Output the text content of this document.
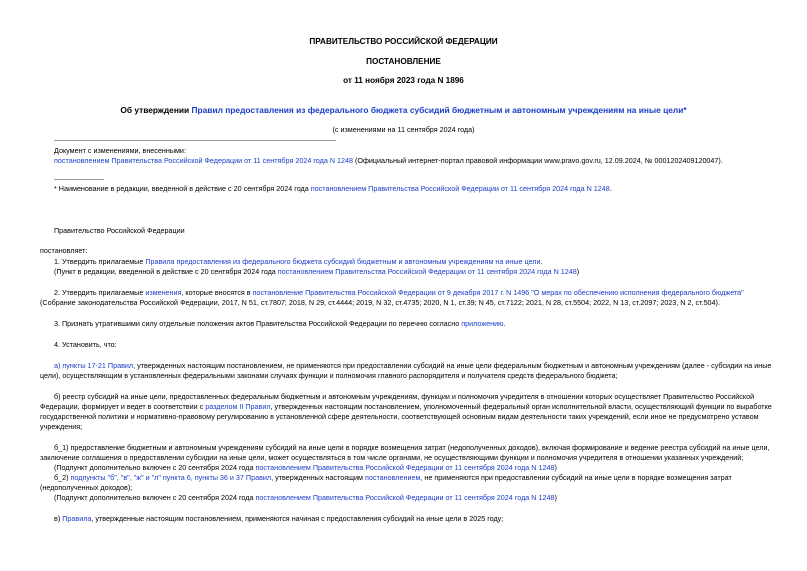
ПРАВИТЕЛЬСТВО РОССИЙСКОЙ ФЕДЕРАЦИИ
ПОСТАНОВЛЕНИЕ
от 11 ноября 2023 года N 1896
Об утверждении Правил предоставления из федерального бюджета субсидий бюджетным и автономным учреждениям на иные цели*
(с изменениями на 11 сентября 2024 года)
Документ с изменениями, внесенными:
постановлением Правительства Российской Федерации от 11 сентября 2024 года N 1248 (Официальный интернет-портал правовой информации www.pravo.gov.ru, 12.09.2024, № 0001202409120047).
* Наименование в редакции, введенной в действие с 20 сентября 2024 года постановлением Правительства Российской Федерации от 11 сентября 2024 года N 1248.
Правительство Российской Федерации
постановляет:
1. Утвердить прилагаемые Правила предоставления из федерального бюджета субсидий бюджетным и автономным учреждениям на иные цели.
(Пункт в редакции, введенной в действие с 20 сентября 2024 года постановлением Правительства Российской Федерации от 11 сентября 2024 года N 1248)
2. Утвердить прилагаемые изменения, которые вносятся в постановление Правительства Российской Федерации от 9 декабря 2017 г. N 1496 "О мерах по обеспечению исполнения федерального бюджета"
(Собрание законодательства Российской Федерации, 2017, N 51, ст.7807; 2018, N 29, ст.4444; 2019, N 32, ст.4735; 2020, N 1, ст.39; N 45, ст.7122; 2021, N 28, ст.5504; 2022, N 13, ст.2097; 2023, N 2, ст.504).
3. Признать утратившими силу отдельные положения актов Правительства Российской Федерации по перечню согласно приложению.
4. Установить, что:
а) пункты 17-21 Правил, утвержденных настоящим постановлением, не применяются при предоставлении субсидий на иные цели федеральным бюджетным и автономным учреждениям (далее - субсидии на иные
цели), осуществляющим в установленных федеральными законами случаях функции и полномочия главного распорядителя и получателя средств федерального бюджета;
б) реестр субсидий на иные цели, предоставленных федеральным бюджетным и автономным учреждениям, функции и полномочия учредителя в отношении которых осуществляет Правительство Российской
Федерации, формирует и ведет в соответствии с разделом II Правил, утвержденных настоящим постановлением, уполномоченный федеральный орган исполнительной власти, осуществляющий функции по выработке
государственной политики и нормативно-правовому регулированию в установленной сфере деятельности, соответствующей основным видам деятельности таких учреждений, если иное не предусмотрено уставом
учреждения;
б_1) предоставление бюджетным и автономным учреждениям субсидий на иные цели в порядке возмещения затрат (недополученных доходов), включая формирование и ведение реестра субсидий на иные цели,
заключение соглашения о предоставлении субсидии на иные цели, может осуществляться в том числе органами, не осуществляющими функции и полномочия учредителя в отношении указанных учреждений;
(Подпункт дополнительно включен с 20 сентября 2024 года постановлением Правительства Российской Федерации от 11 сентября 2024 года N 1248)
б_2) подпункты "б", "в", "ж" и "л" пункта 6, пункты 36 и 37 Правил, утвержденных настоящим постановлением, не применяются при предоставлении субсидий на иные цели в порядке возмещения затрат
(недополученных доходов);
(Подпункт дополнительно включен с 20 сентября 2024 года постановлением Правительства Российской Федерации от 11 сентября 2024 года N 1248)
в) Правила, утвержденные настоящим постановлением, применяются начиная с предоставления субсидий на иные цели в 2025 году;
